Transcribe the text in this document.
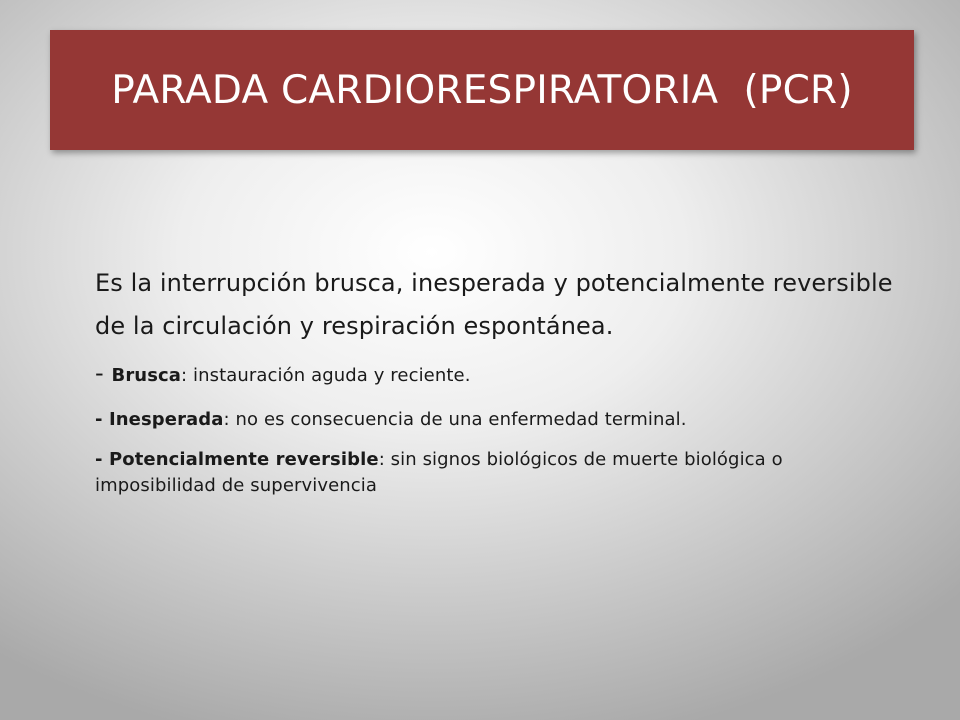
PARADA CARDIORESPIRATORIA  (PCR)

Es la interrupción brusca, inesperada y potencialmente reversible de la circulación y respiración espontánea.

- Brusca: instauración aguda y reciente.

- Inesperada: no es consecuencia de una enfermedad terminal.

- Potencialmente reversible: sin signos biológicos de muerte biológica o imposibilidad de supervivencia
